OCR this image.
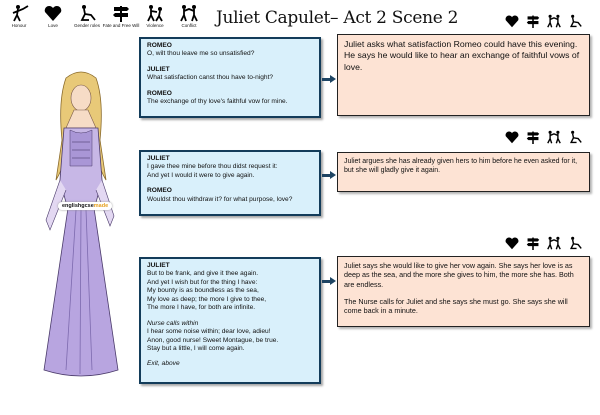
Honour	Love	Gender roles Fate and Free Will Violence	Conflict Juliet Capulet– Act 2 Scene 2
englishgcsemade
ROMEO
O, wilt thou leave me so unsatisfied?
JULIET
What satisfaction canst thou have to-night?
ROMEO
The exchange of thy love's faithful vow for mine.
Juliet asks what satisfaction Romeo could have this evening. He says he would like to hear an exchange of faithful vows of love.
JULIET
I gave thee mine before thou didst request it:
And yet I would it were to give again.
ROMEO
Wouldst thou withdraw it? for what purpose, love?
Juliet argues she has already given hers to him before he even asked for it, but she will gladly give it again.
JULIET
But to be frank, and give it thee again.
And yet I wish but for the thing I have:
My bounty is as boundless as the sea,
My love as deep; the more I give to thee,
The more I have, for both are infinite.
Nurse calls within
I hear some noise within; dear love, adieu!
Anon, good nurse! Sweet Montague, be true.
Stay but a little, I will come again.
Exit, above
Juliet says she would like to give her vow again. She says her love is as deep as the sea, and the more she gives to him, the more she has. Both are endless.
The Nurse calls for Juliet and she says she must go. She says she will come back in a minute.
